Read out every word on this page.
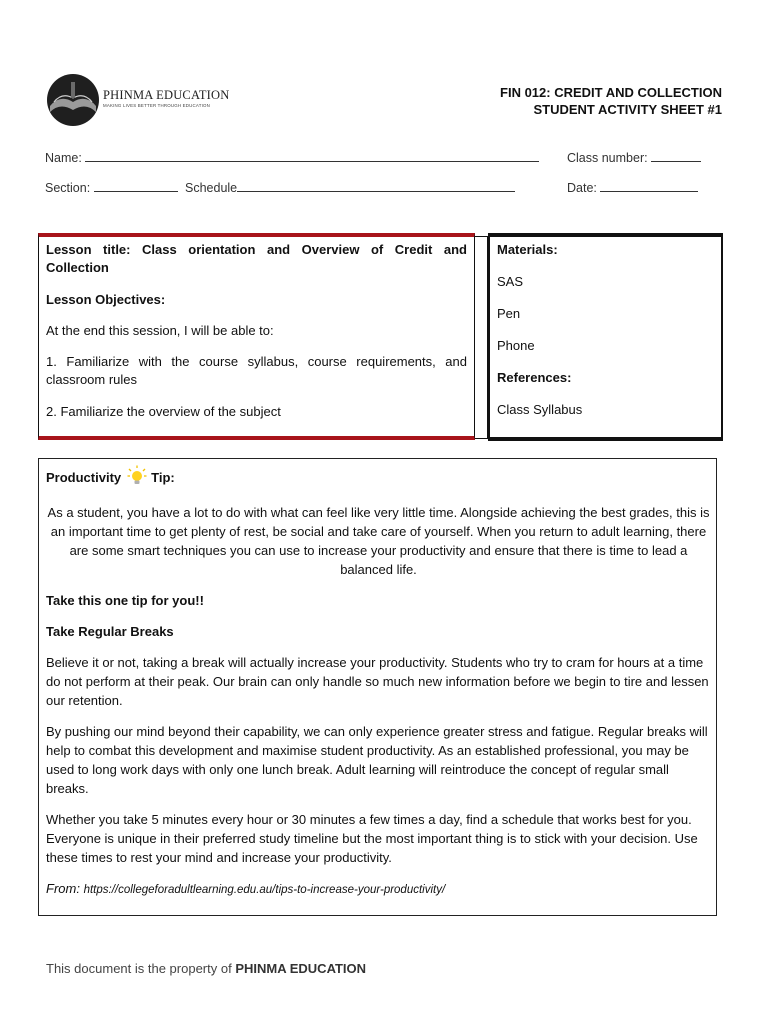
PHINMA EDUCATION
MAKING LIVES BETTER THROUGH EDUCATION
FIN 012: CREDIT AND COLLECTION
STUDENT ACTIVITY SHEET #1
Name:	Class number:
Section:	Schedule	Date:

Lesson title: Class orientation and Overview of Credit and Collection

Lesson Objectives:

At the end this session, I will be able to:

1. Familiarize with the course syllabus, course requirements, and classroom rules

2. Familiarize the overview of the subject

Materials:

SAS

Pen

Phone

References:

Class Syllabus

Productivity Tip:

As a student, you have a lot to do with what can feel like very little time. Alongside achieving the best grades, this is an important time to get plenty of rest, be social and take care of yourself. When you return to adult learning, there are some smart techniques you can use to increase your productivity and ensure that there is time to lead a balanced life.

Take this one tip for you!!

Take Regular Breaks

Believe it or not, taking a break will actually increase your productivity. Students who try to cram for hours at a time do not perform at their peak. Our brain can only handle so much new information before we begin to tire and lessen our retention.

By pushing our mind beyond their capability, we can only experience greater stress and fatigue. Regular breaks will help to combat this development and maximise student productivity. As an established professional, you may be used to long work days with only one lunch break. Adult learning will reintroduce the concept of regular small breaks.

Whether you take 5 minutes every hour or 30 minutes a few times a day, find a schedule that works best for you. Everyone is unique in their preferred study timeline but the most important thing is to stick with your decision. Use these times to rest your mind and increase your productivity.

From: https://collegeforadultlearning.edu.au/tips-to-increase-your-productivity/

This document is the property of PHINMA EDUCATION
